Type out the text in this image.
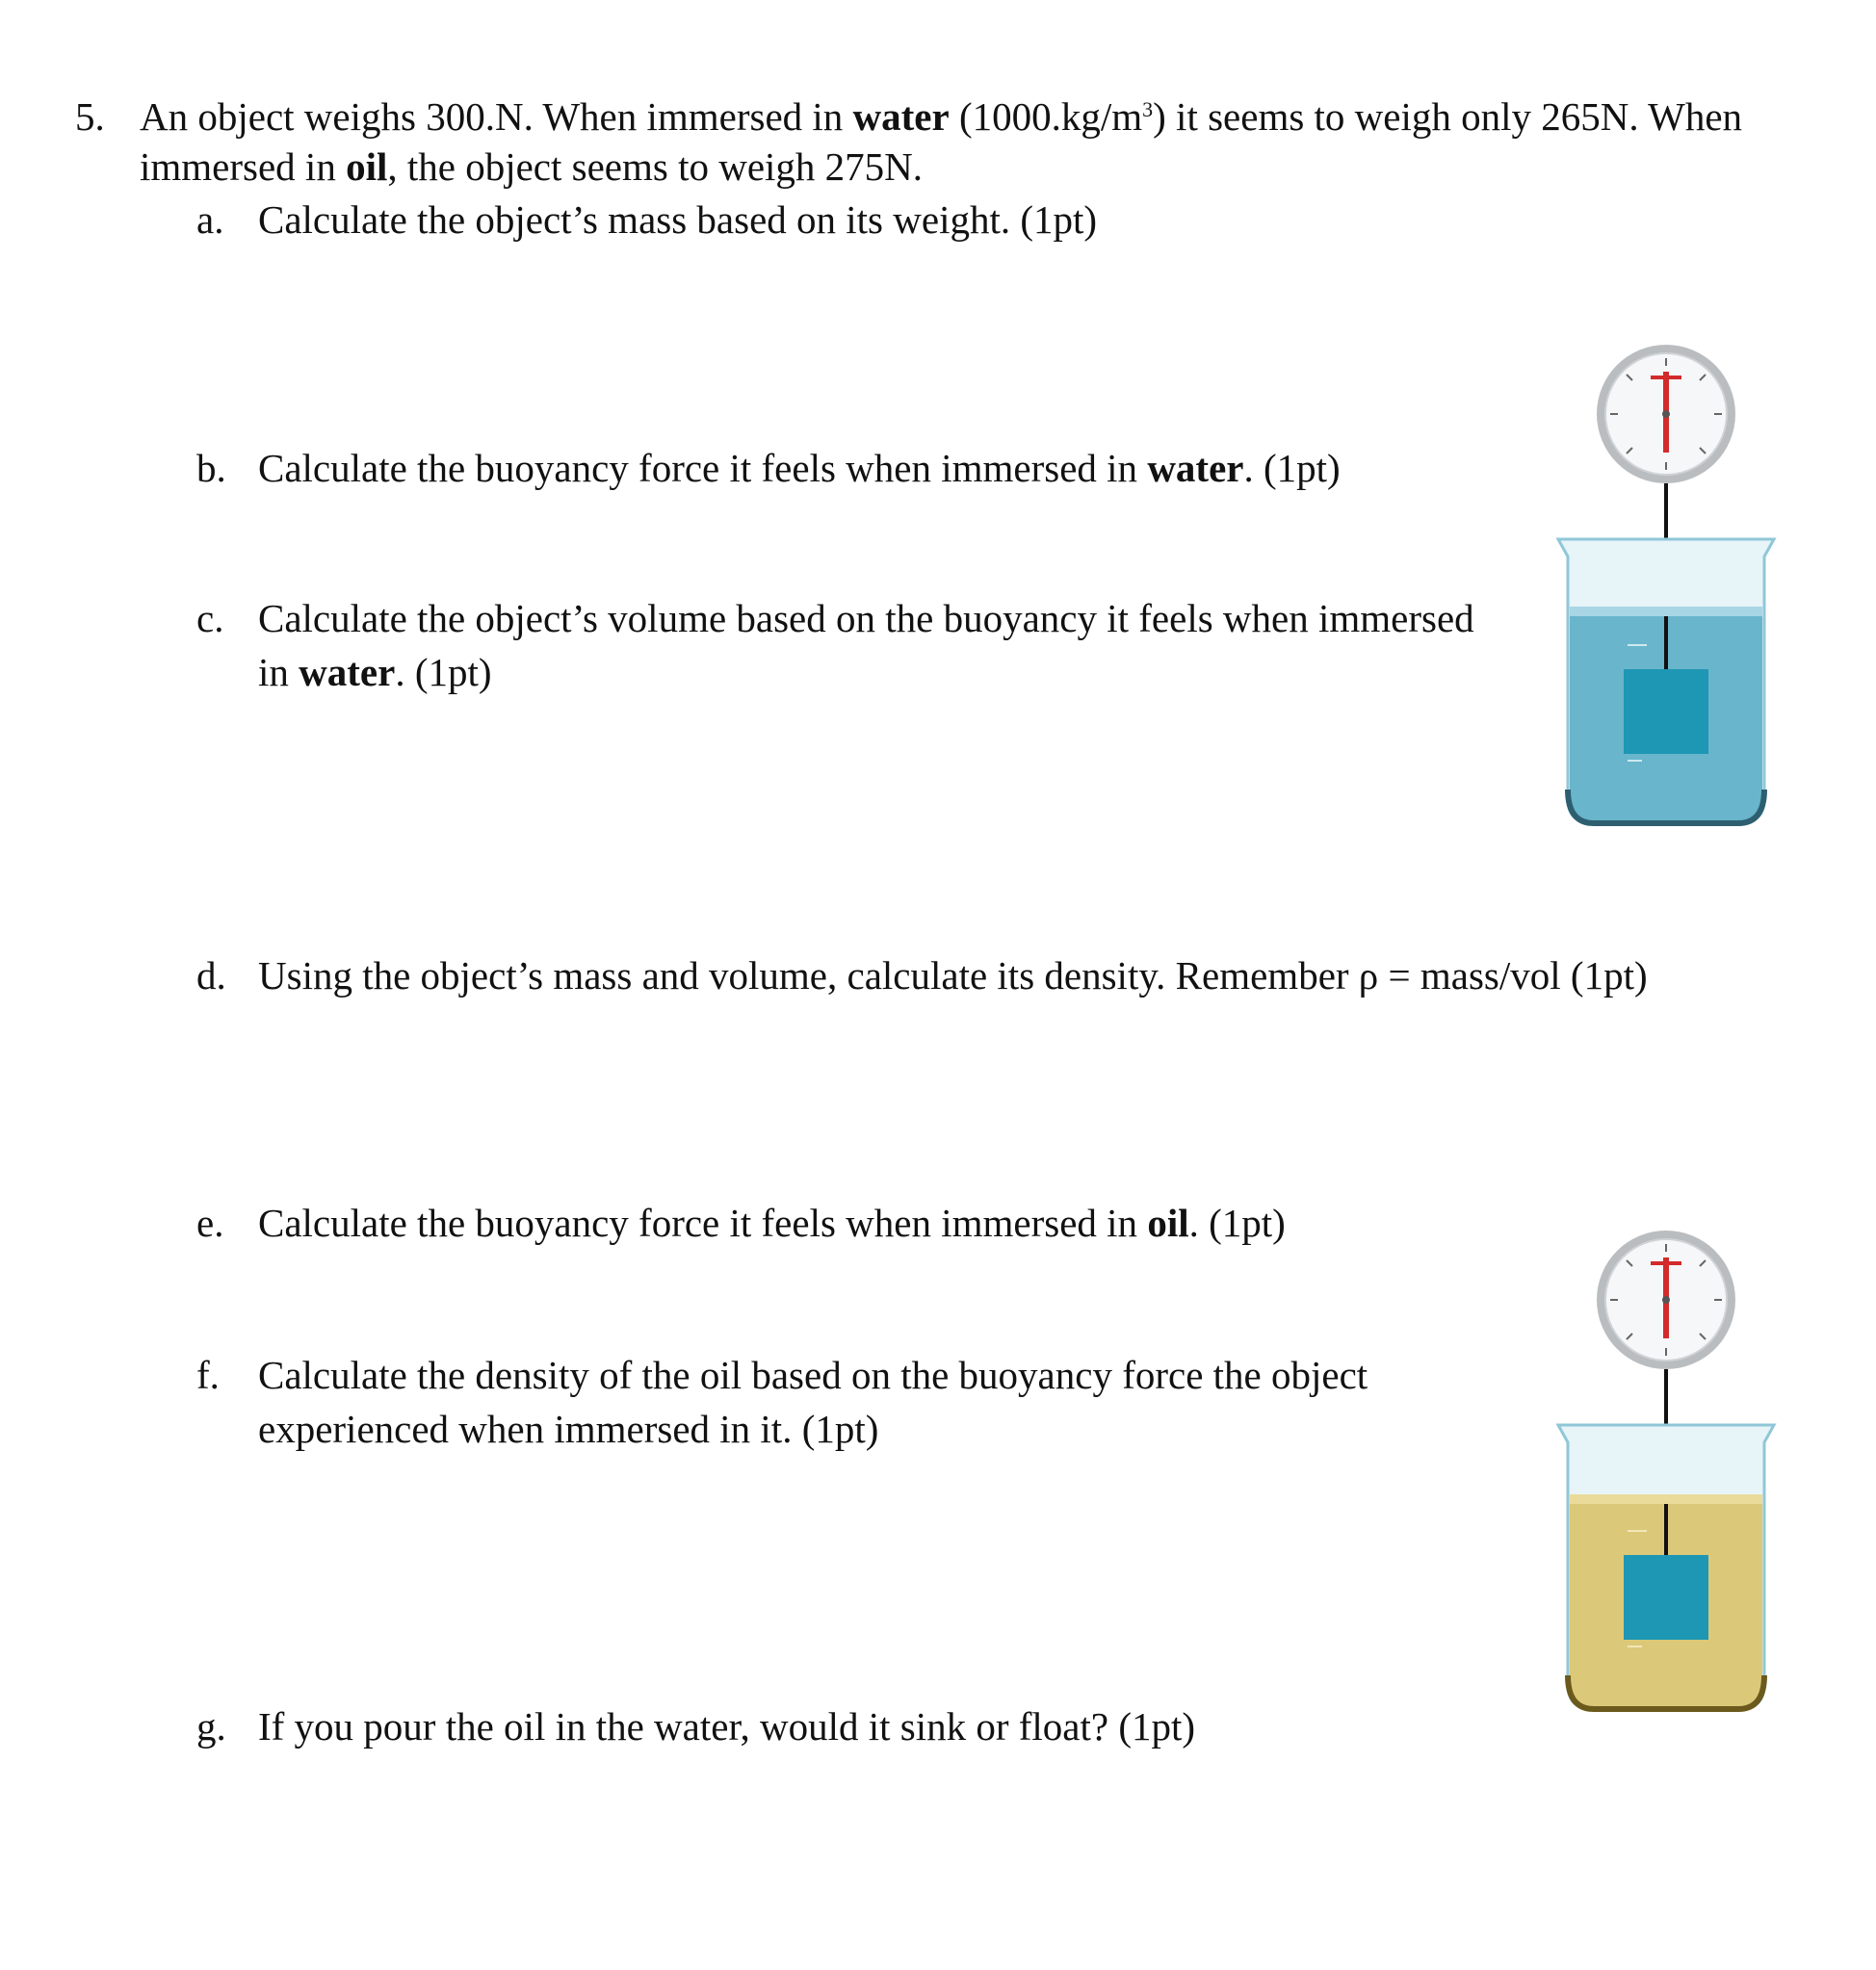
5. An object weighs 300.N. When immersed in water $(1000.kg/m^3)$ it seems to weigh only 265N. When
immersed in oil, the object seems to weigh 275N.
a. Calculate the object’s mass based on its weight. (1pt)
b. Calculate the buoyancy force it feels when immersed in water. (1pt)
c. Calculate the object’s volume based on the buoyancy it feels when immersed
in water. (1pt)
d. Using the object’s mass and volume, calculate its density. Remember ρ = mass/vol (1pt)
e. Calculate the buoyancy force it feels when immersed in oil. (1pt)
f. Calculate the density of the oil based on the buoyancy force the object
experienced when immersed in it. (1pt)
g. If you pour the oil in the water, would it sink or float? (1pt)
